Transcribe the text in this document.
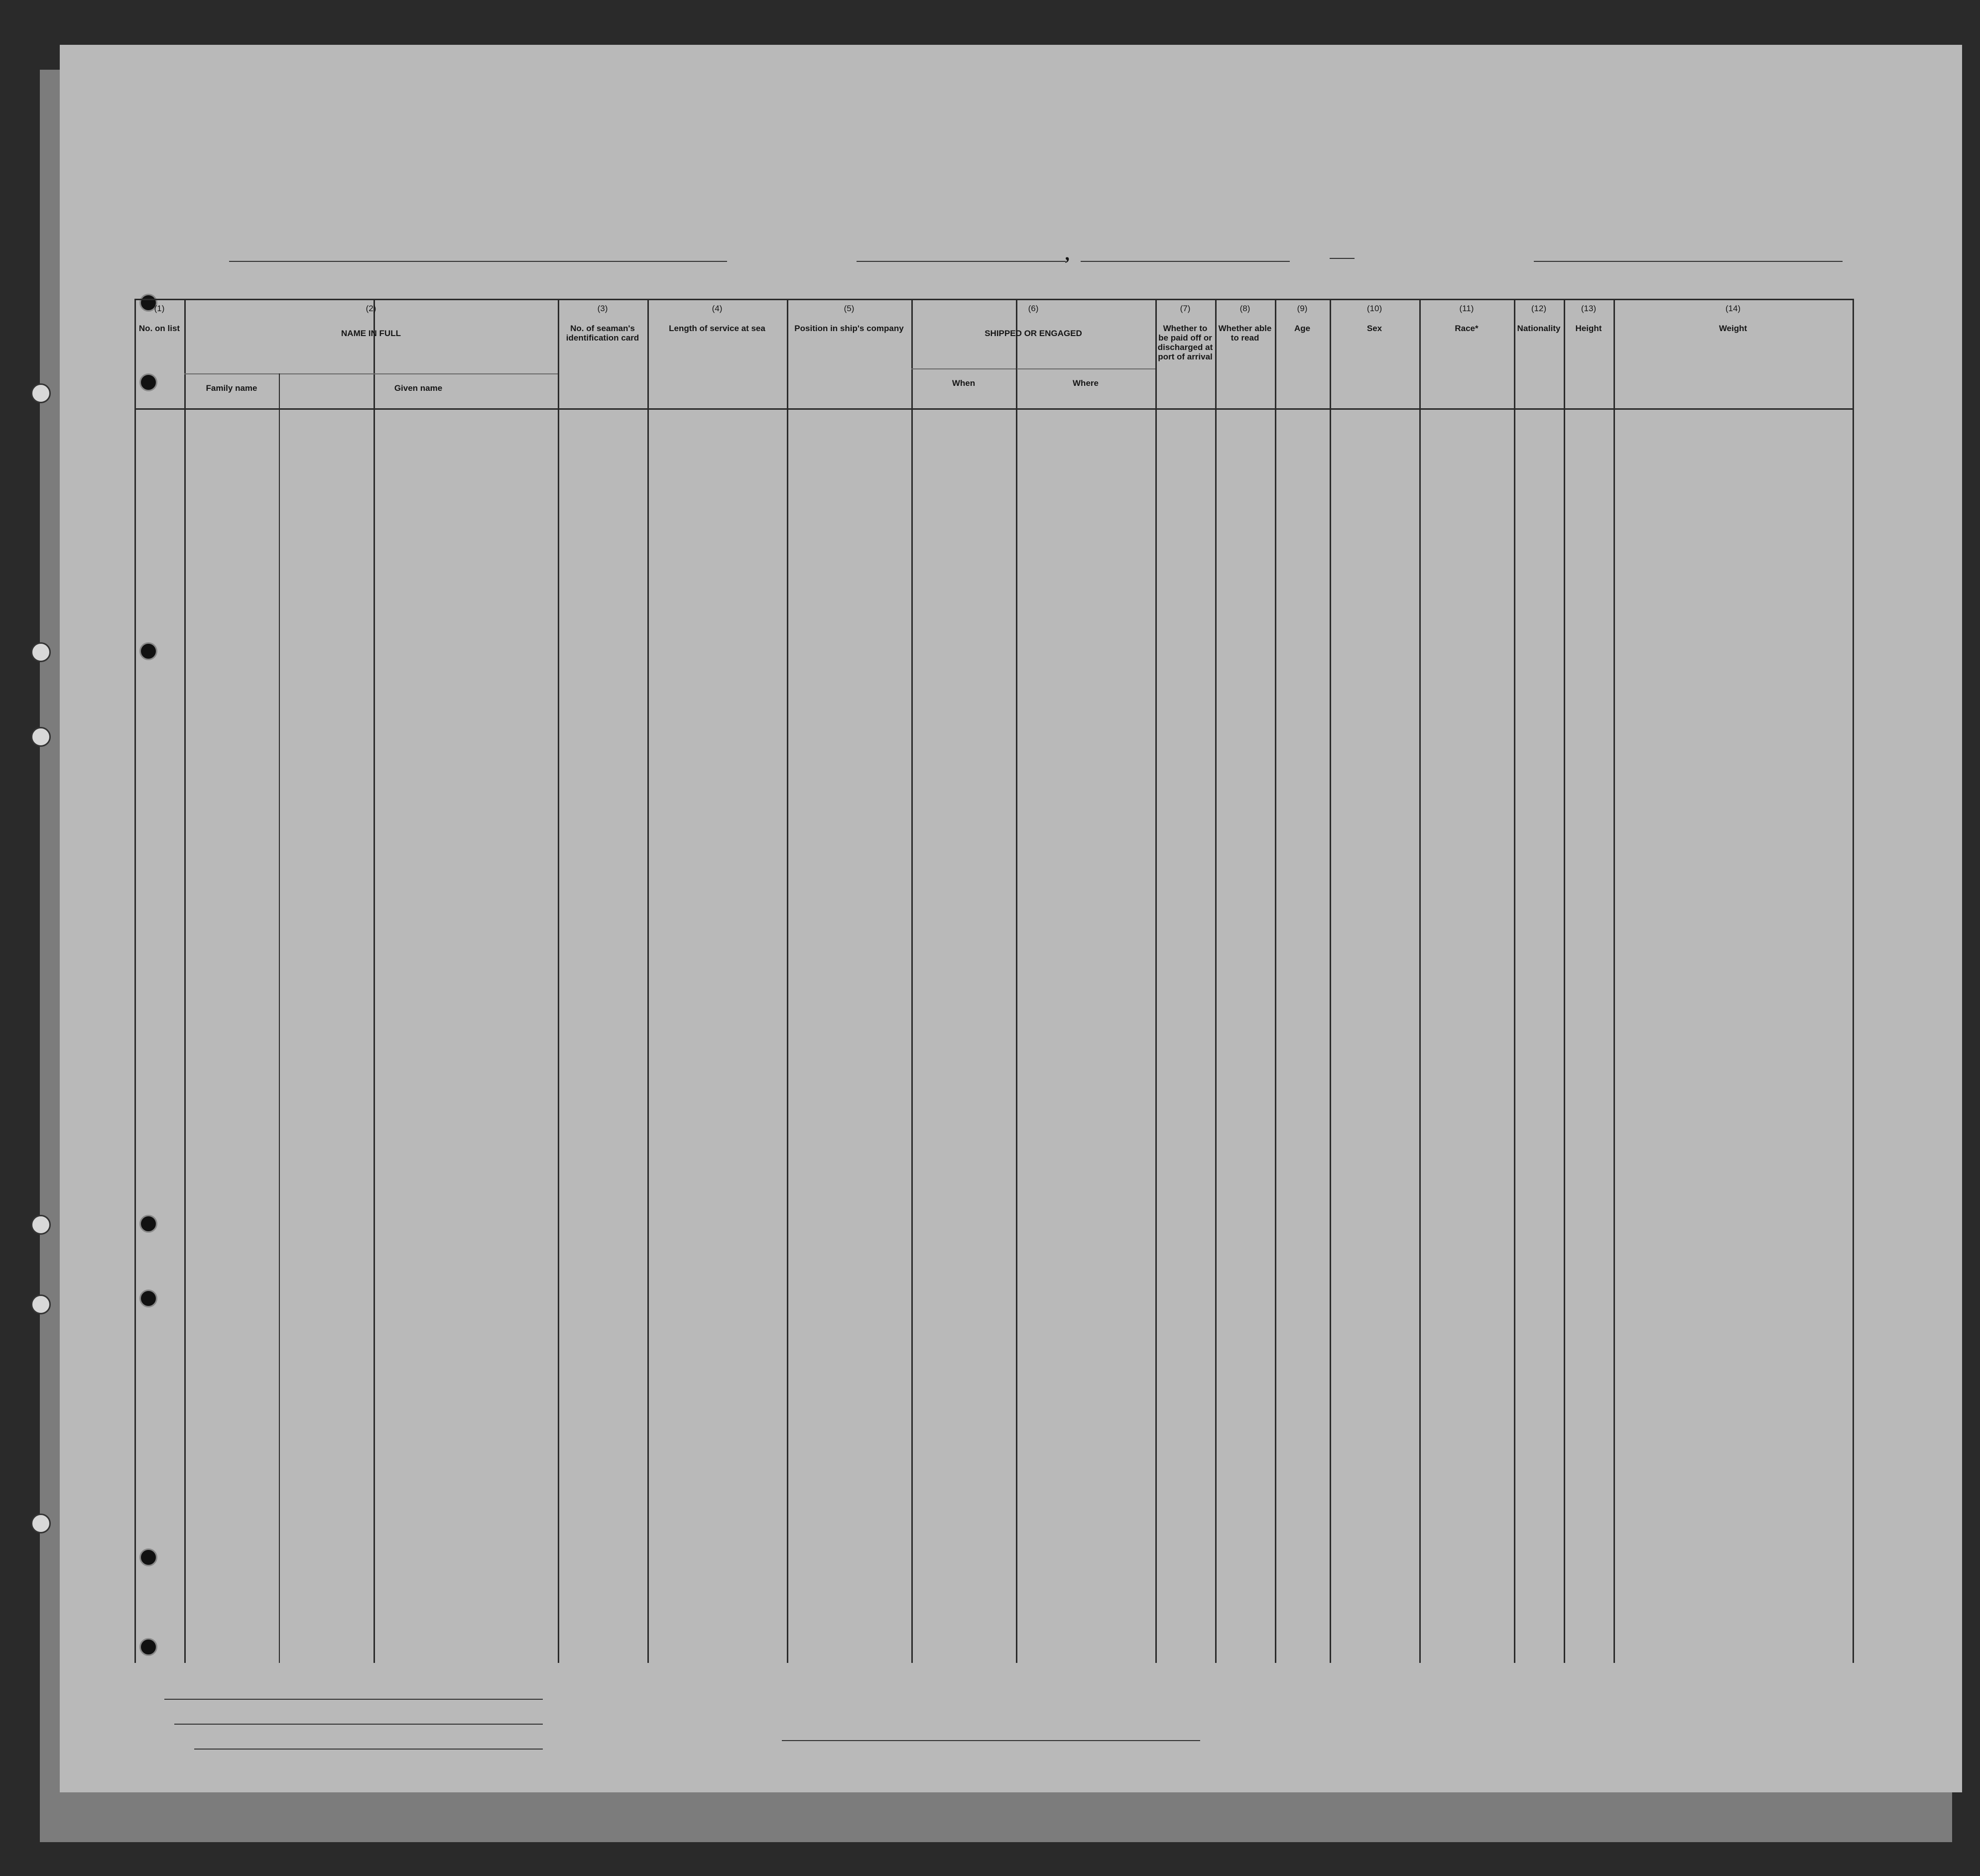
,
(1)
No. on list
(2)
NAME IN FULL
Family name	Given name
(3)
No. of seaman's identification card
(4)
Length of service at sea
(5)
Position in ship's company
(6)
SHIPPED OR ENGAGED
When	Where
(7)
Whether to be paid off or discharged at port of arrival
(8)
Whether able to read
(9)
Age
(10)
Sex
(11)
Race*
(12)
Nationality
(13)
Height
(14)
Weight
